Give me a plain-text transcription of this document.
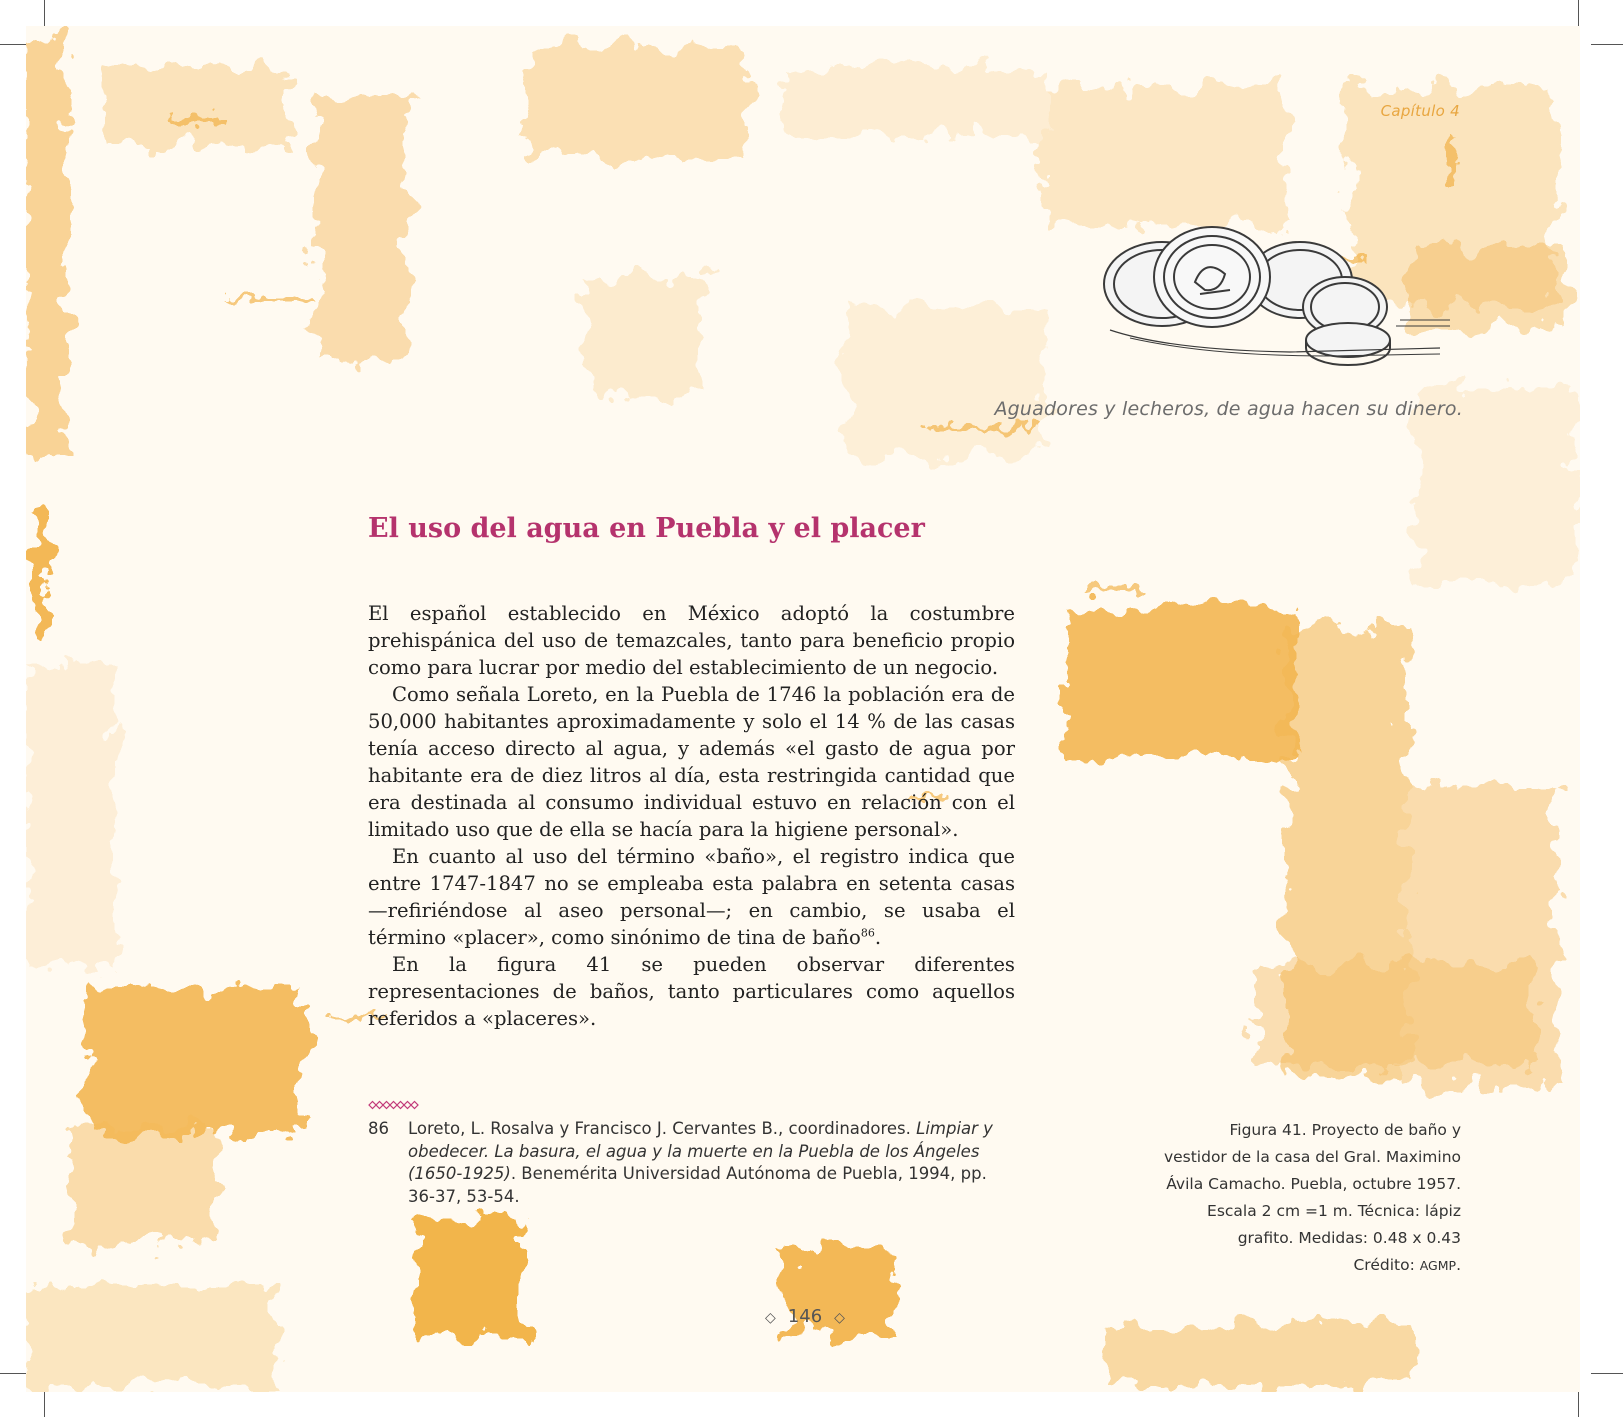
Capítulo 4
Aguadores y lecheros, de agua hacen su dinero.
El uso del agua en Puebla y el placer

El español establecido en México adoptó la costumbre prehispánica del uso de temazcales, tanto para beneficio propio como para lucrar por medio del establecimiento de un negocio.

Como señala Loreto, en la Puebla de 1746 la población era de 50,000 habitantes aproximadamente y solo el 14 % de las casas tenía acceso directo al agua, y además «el gasto de agua por habitante era de diez litros al día, esta restringida cantidad que era destinada al consumo individual estuvo en relación con el limitado uso que de ella se hacía para la higiene personal».

En cuanto al uso del término «baño», el registro indica que entre 1747-1847 no se empleaba esta palabra en setenta casas —refiriéndose al aseo personal—; en cambio, se usaba el término «placer», como sinónimo de tina de baño$^{86}$.

En la figura 41 se pueden observar diferentes representaciones de baños, tanto particulares como aquellos referidos a «placeres».

86	Loreto, L. Rosalva y Francisco J. Cervantes B., coordinadores. Limpiar y obedecer. La basura, el agua y la muerte en la Puebla de los Ángeles (1650-1925). Benemérita Universidad Autónoma de Puebla, 1994, pp. 36-37, 53-54.
Figura 41. Proyecto de baño y
vestidor de la casa del Gral. Maximino
Ávila Camacho. Puebla, octubre 1957.
Escala 2 cm =1 m. Técnica: lápiz
grafito. Medidas: 0.48 x 0.43
Crédito: AGMP.
◇ 146 ◇
